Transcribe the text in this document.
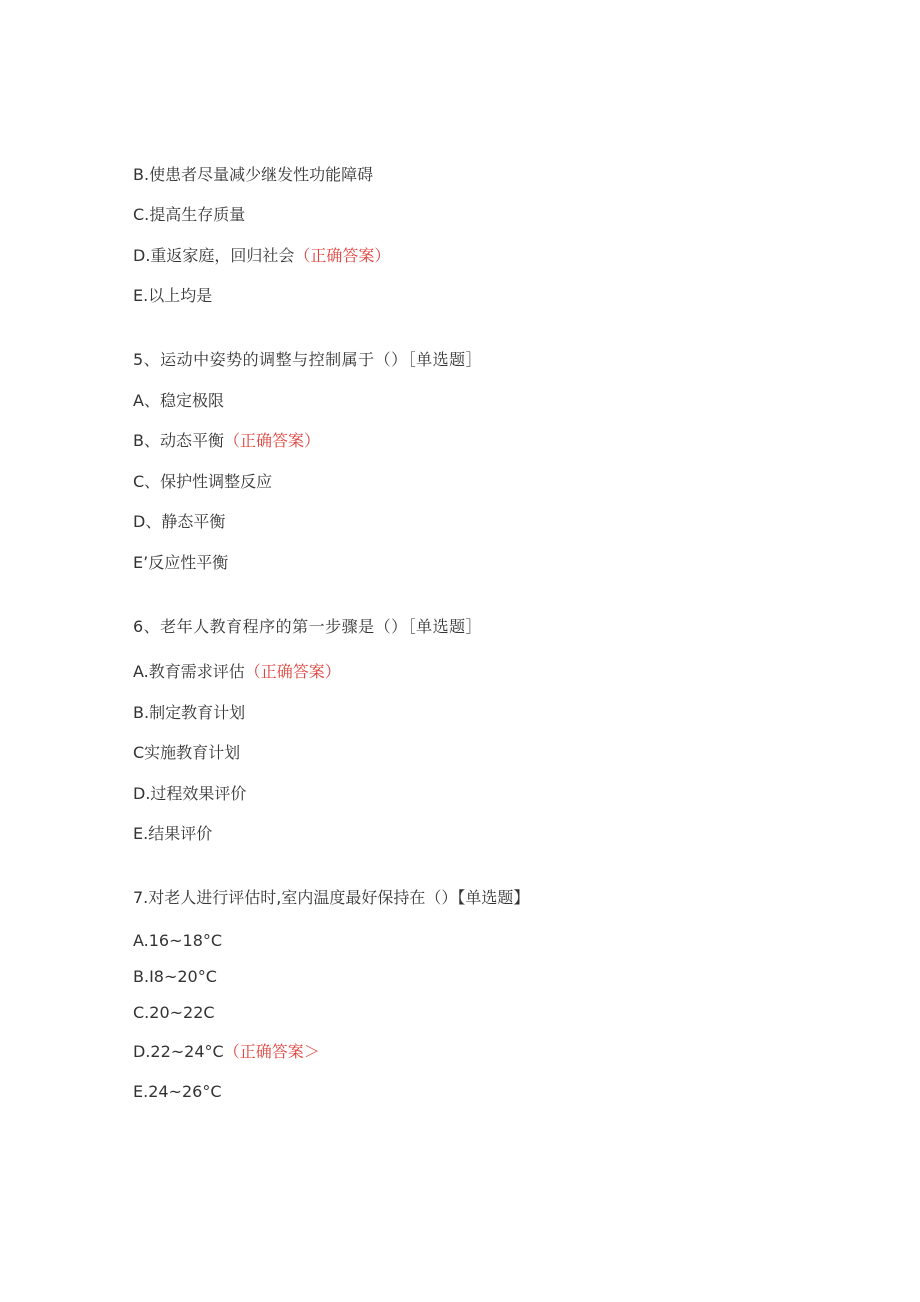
B.使患者尽量减少继发性功能障碍
C.提高生存质量
D.重返家庭，回归社会（正确答案）
E.以上均是
5、运动中姿势的调整与控制属于（）［单选题］
A、稳定极限
B、动态平衡（正确答案）
C、保护性调整反应
D、静态平衡
E’反应性平衡
6、老年人教育程序的第一步骤是（）［单选题］
A.教育需求评估（正确答案）
B.制定教育计划
C实施教育计划
D.过程效果评价
E.结果评价
7.对老人进行评估时,室内温度最好保持在（）【单选题】
A.16~18°C
B.I8~20°C
C.20~22C
D.22~24°C（正确答案＞
E.24~26°C
